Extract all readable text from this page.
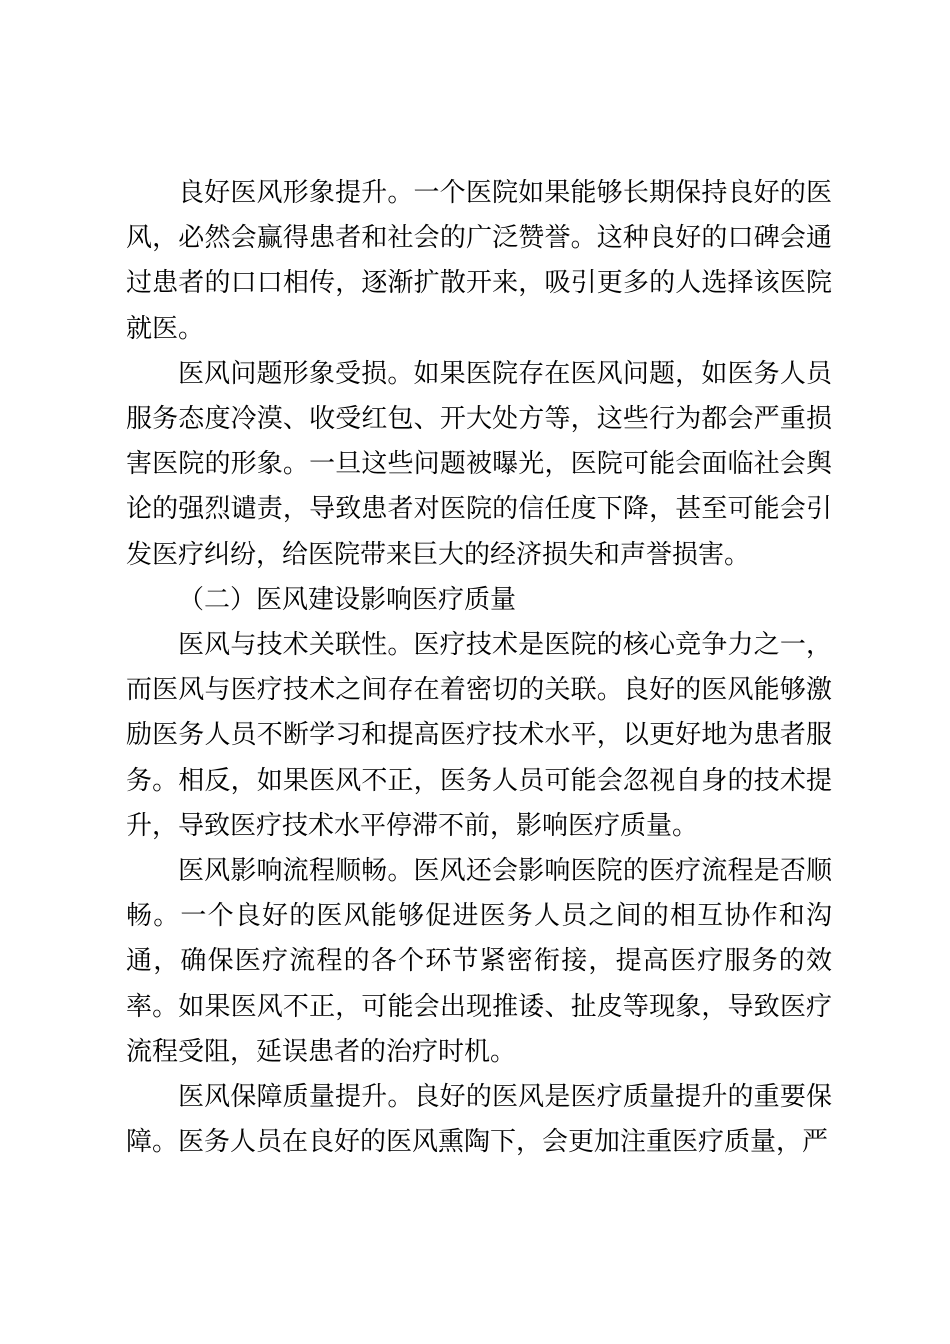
良好医风形象提升。一个医院如果能够长期保持良好的医风，必然会赢得患者和社会的广泛赞誉。这种良好的口碑会通过患者的口口相传，逐渐扩散开来，吸引更多的人选择该医院就医。

医风问题形象受损。如果医院存在医风问题，如医务人员服务态度冷漠、收受红包、开大处方等，这些行为都会严重损害医院的形象。一旦这些问题被曝光，医院可能会面临社会舆论的强烈谴责，导致患者对医院的信任度下降，甚至可能会引发医疗纠纷，给医院带来巨大的经济损失和声誉损害。

（二）医风建设影响医疗质量

医风与技术关联性。医疗技术是医院的核心竞争力之一，而医风与医疗技术之间存在着密切的关联。良好的医风能够激励医务人员不断学习和提高医疗技术水平，以更好地为患者服务。相反，如果医风不正，医务人员可能会忽视自身的技术提升，导致医疗技术水平停滞不前，影响医疗质量。

医风影响流程顺畅。医风还会影响医院的医疗流程是否顺畅。一个良好的医风能够促进医务人员之间的相互协作和沟通，确保医疗流程的各个环节紧密衔接，提高医疗服务的效率。如果医风不正，可能会出现推诿、扯皮等现象，导致医疗流程受阻，延误患者的治疗时机。

医风保障质量提升。良好的医风是医疗质量提升的重要保障。医务人员在良好的医风熏陶下，会更加注重医疗质量，严
